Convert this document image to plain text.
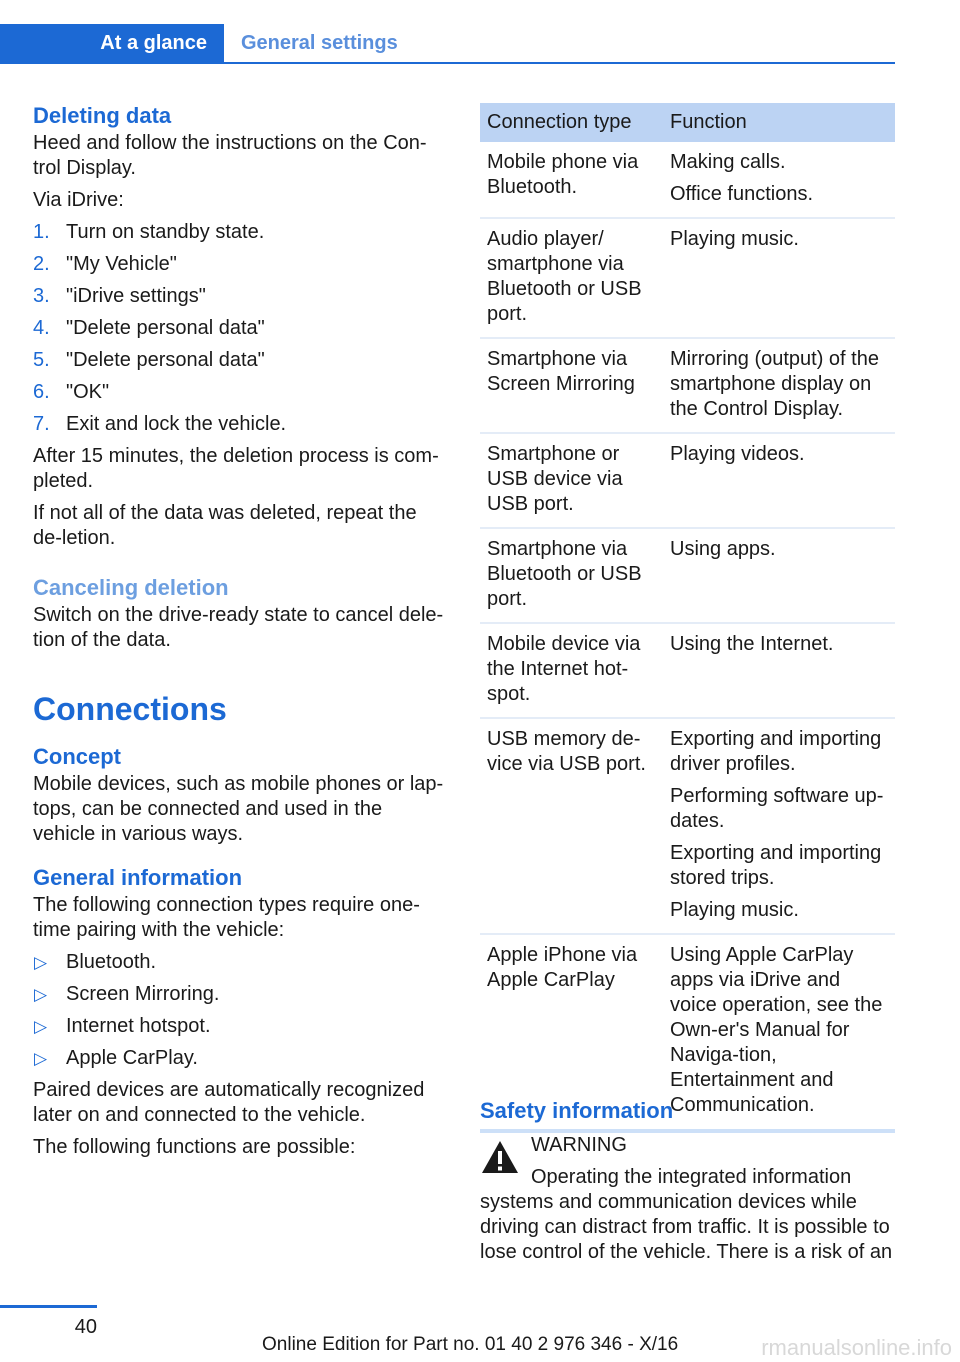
At a glance	General settings
Deleting data

Heed and follow the instructions on the Con‐trol Display.

Via iDrive:

1. Turn on standby state.
2. "My Vehicle"
3. "iDrive settings"
4. "Delete personal data"
5. "Delete personal data"
6. "OK"
7. Exit and lock the vehicle.

After 15 minutes, the deletion process is com‐pleted.

If not all of the data was deleted, repeat the de‐letion.

Canceling deletion

Switch on the drive-ready state to cancel dele‐tion of the data.

Connections
Concept

Mobile devices, such as mobile phones or lap‐tops, can be connected and used in the vehicle in various ways.

General information

The following connection types require one-time pairing with the vehicle:

▷ Bluetooth.
▷ Screen Mirroring.
▷ Internet hotspot.
▷ Apple CarPlay.

Paired devices are automatically recognized later on and connected to the vehicle.

The following functions are possible:

Connection type	Function
Mobile phone via Bluetooth.	Making calls.

Office functions.

Audio player/ smartphone via Bluetooth or USB port.	Playing music.

Smartphone via Screen Mirroring	Mirroring (output) of the smartphone display on the Control Display.

Smartphone or USB device via USB port.	Playing videos.

Smartphone via Bluetooth or USB port.	Using apps.

Mobile device via the Internet hot‐spot.	Using the Internet.

USB memory de‐vice via USB port.	Exporting and importing driver profiles.

Performing software up‐dates.

Exporting and importing stored trips.

Playing music.

Apple iPhone via Apple CarPlay	Using Apple CarPlay apps via iDrive and voice operation, see the Own‐er's Manual for Naviga‐tion, Entertainment and Communication.

Safety information
WARNING
Operating the integrated information systems and communication devices while driving can distract from traffic. It is possible to lose control of the vehicle. There is a risk of an
40
Online Edition for Part no. 01 40 2 976 346 - X/16	rmanualsonline.info
